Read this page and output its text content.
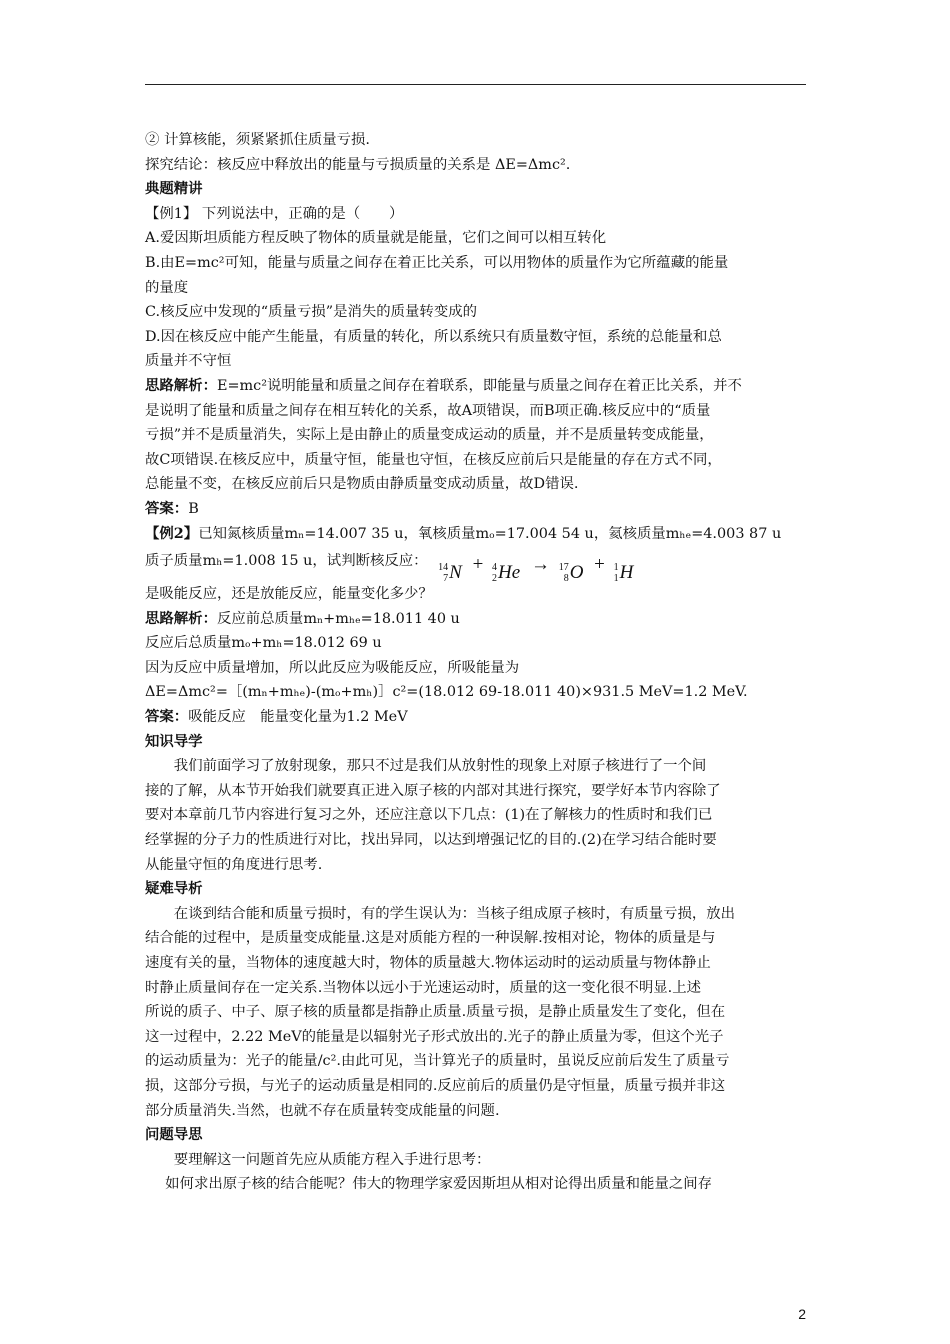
② 计算核能，须紧紧抓住质量亏损.

探究结论：核反应中释放出的能量与亏损质量的关系是 ΔE=Δmc².

典题精讲

【例1】 下列说法中，正确的是（　　）

A.爱因斯坦质能方程反映了物体的质量就是能量，它们之间可以相互转化

B.由E=mc²可知，能量与质量之间存在着正比关系，可以用物体的质量作为它所蕴藏的能量

的量度

C.核反应中发现的“质量亏损”是消失的质量转变成的

D.因在核反应中能产生能量，有质量的转化，所以系统只有质量数守恒，系统的总能量和总

质量并不守恒

思路解析：E=mc²说明能量和质量之间存在着联系，即能量与质量之间存在着正比关系，并不

是说明了能量和质量之间存在相互转化的关系，故A项错误，而B项正确.核反应中的“质量

亏损”并不是质量消失，实际上是由静止的质量变成运动的质量，并不是质量转变成能量，

故C项错误.在核反应中，质量守恒，能量也守恒，在核反应前后只是能量的存在方式不同，

总能量不变，在核反应前后只是物质由静质量变成动质量，故D错误.

答案：B

【例2】已知氮核质量mₙ=14.007 35 u，氧核质量mₒ=17.004 54 u，氦核质量mₕₑ=4.003 87 u

质子质量mₕ=1.008 15 u，试判断核反应： 14
7 N + 4
2 He → 17
8 O + 1
1 H

是吸能反应，还是放能反应，能量变化多少？

思路解析：反应前总质量mₙ+mₕₑ=18.011 40 u

反应后总质量mₒ+mₕ=18.012 69 u

因为反应中质量增加，所以此反应为吸能反应，所吸能量为

ΔE=Δmc²=［(mₙ+mₕₑ)-(mₒ+mₕ)］c²=(18.012 69-18.011 40)×931.5 MeV=1.2 MeV.

答案：吸能反应　能量变化量为1.2 MeV

知识导学

我们前面学习了放射现象，那只不过是我们从放射性的现象上对原子核进行了一个间

接的了解，从本节开始我们就要真正进入原子核的内部对其进行探究，要学好本节内容除了

要对本章前几节内容进行复习之外，还应注意以下几点：(1)在了解核力的性质时和我们已

经掌握的分子力的性质进行对比，找出异同，以达到增强记忆的目的.(2)在学习结合能时要

从能量守恒的角度进行思考.

疑难导析

在谈到结合能和质量亏损时，有的学生误认为：当核子组成原子核时，有质量亏损，放出

结合能的过程中，是质量变成能量.这是对质能方程的一种误解.按相对论，物体的质量是与

速度有关的量，当物体的速度越大时，物体的质量越大.物体运动时的运动质量与物体静止

时静止质量间存在一定关系.当物体以远小于光速运动时，质量的这一变化很不明显.上述

所说的质子、中子、原子核的质量都是指静止质量.质量亏损，是静止质量发生了变化，但在

这一过程中，2.22 MeV的能量是以辐射光子形式放出的.光子的静止质量为零，但这个光子

的运动质量为：光子的能量/c².由此可见，当计算光子的质量时，虽说反应前后发生了质量亏

损，这部分亏损，与光子的运动质量是相同的.反应前后的质量仍是守恒量，质量亏损并非这

部分质量消失.当然，也就不存在质量转变成能量的问题.

问题导思

要理解这一问题首先应从质能方程入手进行思考：

如何求出原子核的结合能呢？伟大的物理学家爱因斯坦从相对论得出质量和能量之间存

2
